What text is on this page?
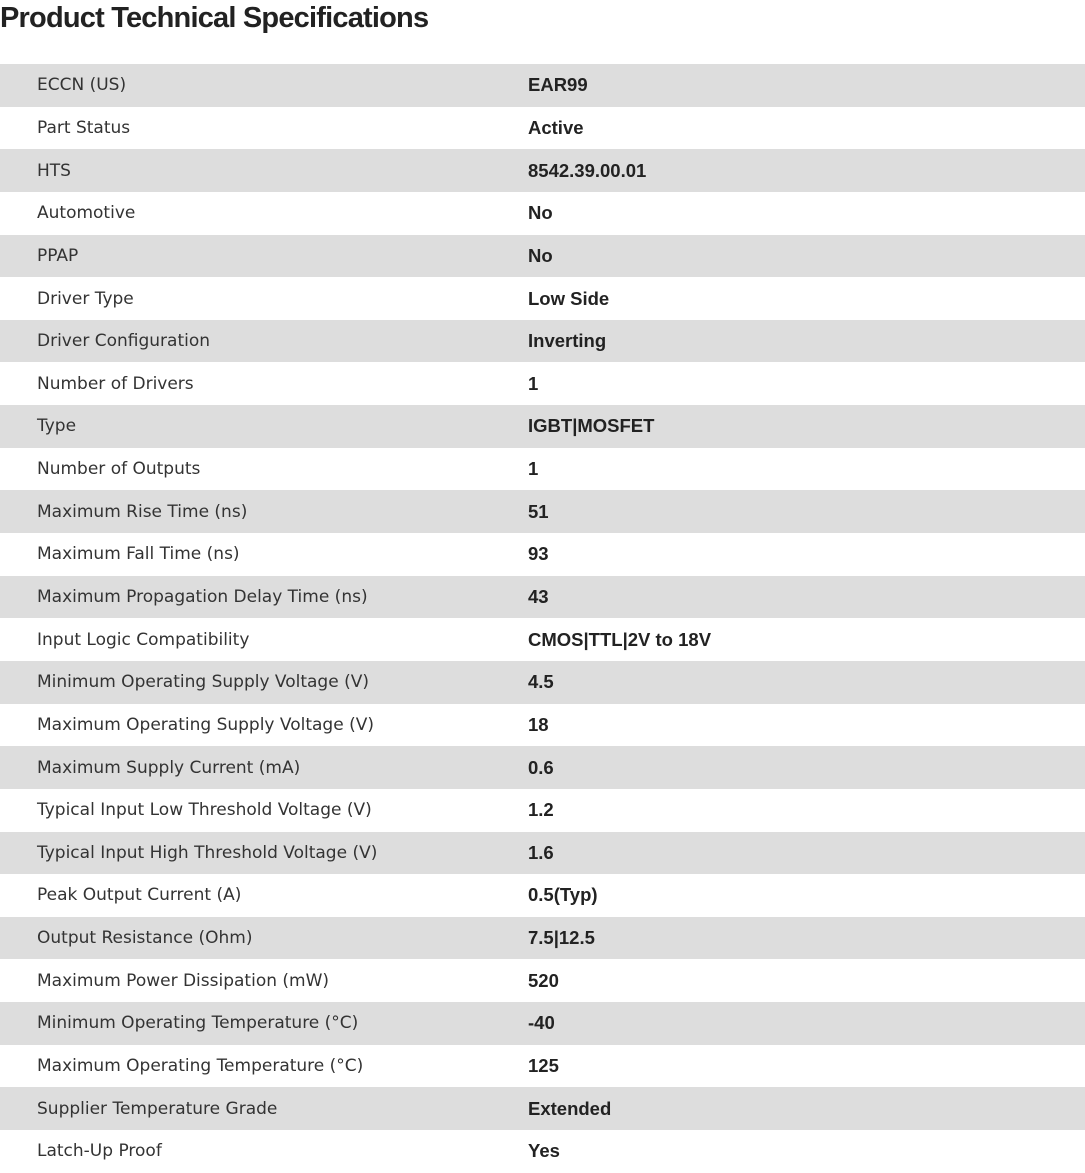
Product Technical Specifications
ECCN (US)	EAR99
Part Status	Active
HTS	8542.39.00.01
Automotive	No
PPAP	No
Driver Type	Low Side
Driver Configuration	Inverting
Number of Drivers	1
Type	IGBT|MOSFET
Number of Outputs	1
Maximum Rise Time (ns)	51
Maximum Fall Time (ns)	93
Maximum Propagation Delay Time (ns)	43
Input Logic Compatibility	CMOS|TTL|2V to 18V
Minimum Operating Supply Voltage (V)	4.5
Maximum Operating Supply Voltage (V)	18
Maximum Supply Current (mA)	0.6
Typical Input Low Threshold Voltage (V)	1.2
Typical Input High Threshold Voltage (V)	1.6
Peak Output Current (A)	0.5(Typ)
Output Resistance (Ohm)	7.5|12.5
Maximum Power Dissipation (mW)	520
Minimum Operating Temperature (°C)	-40
Maximum Operating Temperature (°C)	125
Supplier Temperature Grade	Extended
Latch-Up Proof	Yes
